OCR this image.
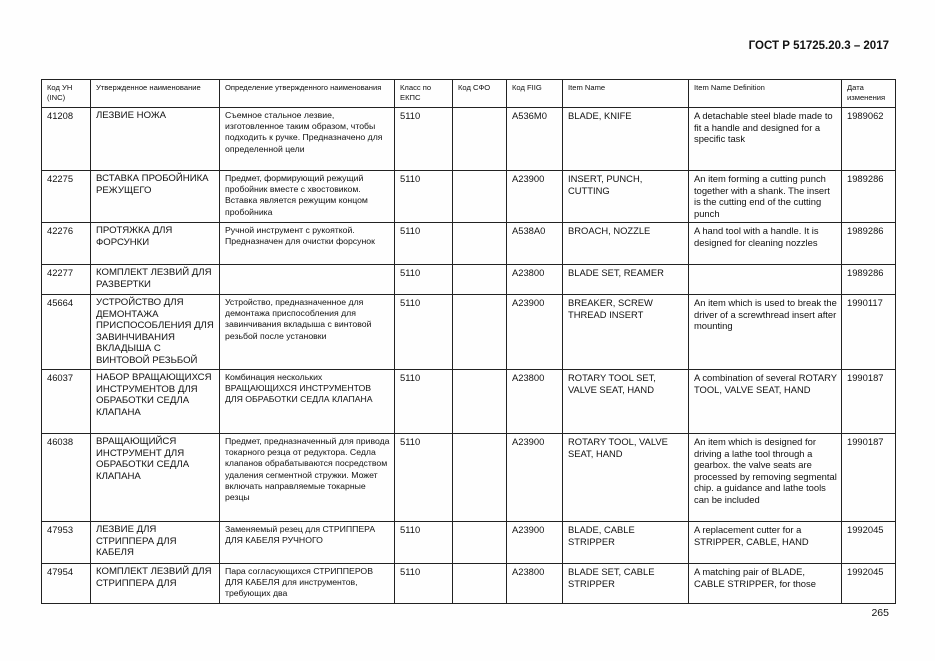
ГОСТ Р 51725.20.3 – 2017
Код УН (INC)	Утвержденное наименование	Определение утвержденного наименования	Класс по ЕКПС	Код СФО	Код FIIG	Item Name	Item Name Definition	Дата изменения
41208	ЛЕЗВИЕ НОЖА	Съемное стальное лезвие, изготовленное таким образом, чтобы подходить к ручке. Предназначено для определенной цели	5110		A536M0	BLADE, KNIFE	A detachable steel blade made to fit a handle and designed for a specific task	1989062
42275	ВСТАВКА ПРОБОЙНИКА РЕЖУЩЕГО	Предмет, формирующий режущий пробойник вместе с хвостовиком. Вставка является режущим концом пробойника	5110		A23900	INSERT, PUNCH, CUTTING	An item forming a cutting punch together with a shank. The insert is the cutting end of the cutting punch	1989286
42276	ПРОТЯЖКА ДЛЯ ФОРСУНКИ	Ручной инструмент с рукояткой. Предназначен для очистки форсунок	5110		A538A0	BROACH, NOZZLE	A hand tool with a handle. It is designed for cleaning nozzles	1989286
42277	КОМПЛЕКТ ЛЕЗВИЙ ДЛЯ РАЗВЕРТКИ		5110		A23800	BLADE SET, REAMER		1989286
45664	УСТРОЙСТВО ДЛЯ ДЕМОНТАЖА ПРИСПОСОБЛЕНИЯ ДЛЯ ЗАВИНЧИВАНИЯ ВКЛАДЫША С ВИНТОВОЙ РЕЗЬБОЙ	Устройство, предназначенное для демонтажа приспособления для завинчивания вкладыша с винтовой резьбой после установки	5110		A23900	BREAKER, SCREW THREAD INSERT	An item which is used to break the driver of a screwthread insert after mounting	1990117
46037	НАБОР ВРАЩАЮЩИХСЯ ИНСТРУМЕНТОВ ДЛЯ ОБРАБОТКИ СЕДЛА КЛАПАНА	Комбинация нескольких ВРАЩАЮЩИХСЯ ИНСТРУМЕНТОВ ДЛЯ ОБРАБОТКИ СЕДЛА КЛАПАНА	5110		A23800	ROTARY TOOL SET, VALVE SEAT, HAND	A combination of several ROTARY TOOL, VALVE SEAT, HAND	1990187
46038	ВРАЩАЮЩИЙСЯ ИНСТРУМЕНТ ДЛЯ ОБРАБОТКИ СЕДЛА КЛАПАНА	Предмет, предназначенный для привода токарного резца от редуктора. Седла клапанов обрабатываются посредством удаления сегментной стружки. Может включать направляемые токарные резцы	5110		A23900	ROTARY TOOL, VALVE SEAT, HAND	An item which is designed for driving a lathe tool through a gearbox. the valve seats are processed by removing segmental chip. a guidance and lathe tools can be included	1990187
47953	ЛЕЗВИЕ ДЛЯ СТРИППЕРА ДЛЯ КАБЕЛЯ	Заменяемый резец для СТРИППЕРА ДЛЯ КАБЕЛЯ РУЧНОГО	5110		A23900	BLADE, CABLE STRIPPER	A replacement cutter for a STRIPPER, CABLE, HAND	1992045
47954	КОМПЛЕКТ ЛЕЗВИЙ ДЛЯ СТРИППЕРА ДЛЯ	Пара согласующихся СТРИППЕРОВ ДЛЯ КАБЕЛЯ для инструментов, требующих два	5110		A23800	BLADE SET, CABLE STRIPPER	A matching pair of BLADE, CABLE STRIPPER, for those	1992045
265
